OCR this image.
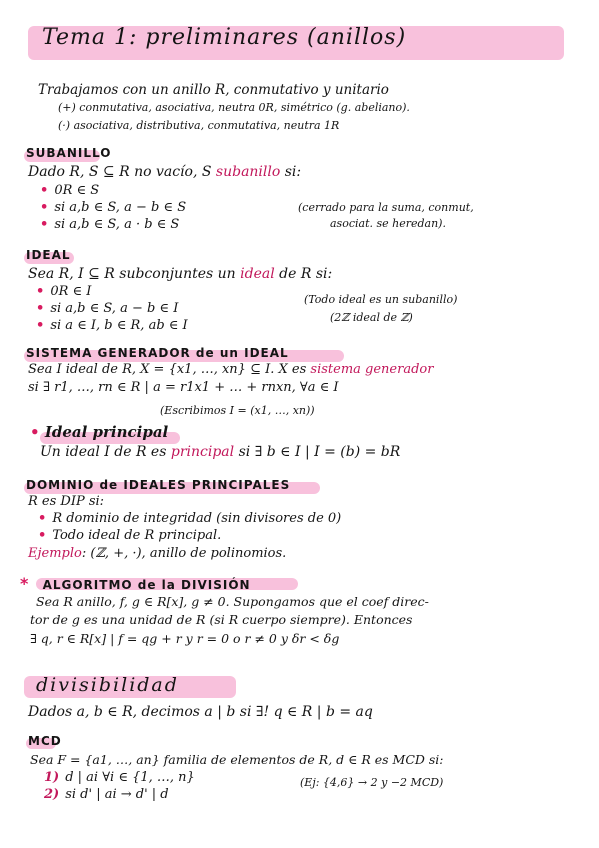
Tema 1: preliminares (anillos)
Trabajamos con un anillo R, conmutativo y unitario
(+) conmutativa, asociativa, neutra 0R, simétrico (g. abeliano).
(·) asociativa, distributiva, conmutativa, neutra 1R
SUBANILLO
Dado R, S ⊆ R no vacío, S subanillo si:
• 0R ∈ S
• si a,b ∈ S, a − b ∈ S
• si a,b ∈ S, a · b ∈ S
(cerrado para la suma, conmut,
asociat. se heredan).
IDEAL
Sea R, I ⊆ R subconjuntes un ideal de R si:
• 0R ∈ I
• si a,b ∈ S, a − b ∈ I
• si a ∈ I, b ∈ R, ab ∈ I
(Todo ideal es un subanillo)
(2ℤ ideal de ℤ)
SISTEMA GENERADOR de un IDEAL
Sea I ideal de R, X = {x1, …, xn} ⊆ I. X es sistema generador
si ∃ r1, …, rn ∈ R | a = r1x1 + … + rnxn, ∀a ∈ I
(Escribimos I = (x1, …, xn))
• Ideal principal
Un ideal I de R es principal si ∃ b ∈ I | I = (b) = bR
DOMINIO de IDEALES PRINCIPALES
R es DIP si:
• R dominio de integridad (sin divisores de 0)
• Todo ideal de R principal.
Ejemplo: (ℤ, +, ·), anillo de polinomios.
* ALGORITMO de la DIVISIÓN
Sea R anillo, f, g ∈ R[x], g ≠ 0. Supongamos que el coef direc-
tor de g es una unidad de R (si R cuerpo siempre). Entonces
∃ q, r ∈ R[x] | f = qg + r y r = 0 o r ≠ 0 y δr < δg
divisibilidad
Dados a, b ∈ R, decimos a | b si ∃! q ∈ R | b = aq
MCD
Sea F = {a1, …, an} familia de elementos de R, d ∈ R es MCD si:
1) d | ai ∀i ∈ {1, …, n}
2) si d' | ai → d' | d
(Ej: {4,6} → 2 y −2 MCD)
